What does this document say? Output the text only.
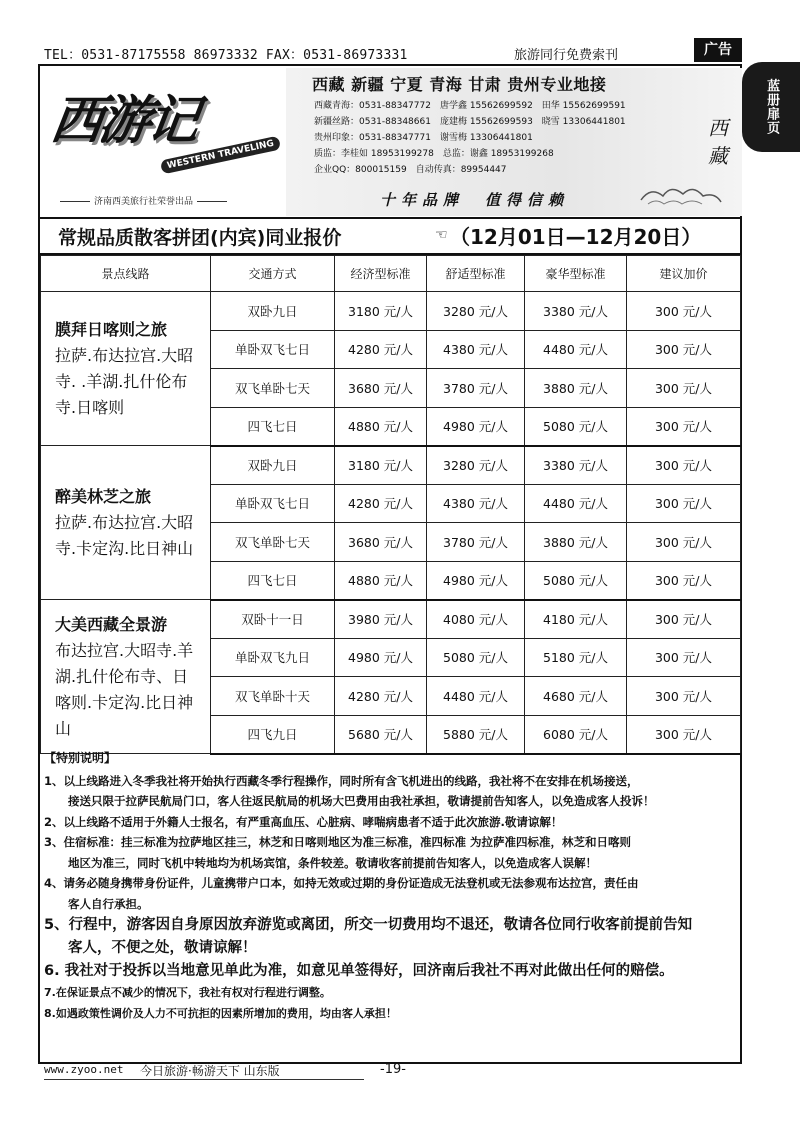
TEL：0531-87175558 86973332 FAX：0531-86973331	旅游同行免费索刊	广告
蓝册扉页
西游记
WESTERN TRAVELING
济南西美旅行社荣誉出品
西藏 新疆 宁夏 青海 甘肃 贵州专业地接
西藏青海：0531-88347772　唐学鑫 15562699592　田华 15562699591
新疆丝路：0531-88348661　庞建梅 15562699593　晓雪 13306441801
贵州印象：0531-88347771　谢雪梅 13306441801
质监：李桂如 18953199278　总监：谢鑫 18953199268
企业QQ：800015159　自动传真：89954447
十年品牌　值得信赖
西藏
常规品质散客拼团(内宾)同业报价	☜ （12月01日—12月20日）
景点线路	交通方式	经济型标准	舒适型标准	豪华型标准	建议加价

膜拜日喀则之旅
拉萨.布达拉宫.大昭寺. .羊湖.扎什伦布寺.日喀则	双卧九日	3180 元/人	3280 元/人	3380 元/人	300 元/人
	单卧双飞七日	4280 元/人	4380 元/人	4480 元/人	300 元/人
	双飞单卧七天	3680 元/人	3780 元/人	3880 元/人	300 元/人
	四飞七日	4880 元/人	4980 元/人	5080 元/人	300 元/人

醉美林芝之旅
拉萨.布达拉宫.大昭寺.卡定沟.比日神山	双卧九日	3180 元/人	3280 元/人	3380 元/人	300 元/人
	单卧双飞七日	4280 元/人	4380 元/人	4480 元/人	300 元/人
	双飞单卧七天	3680 元/人	3780 元/人	3880 元/人	300 元/人
	四飞七日	4880 元/人	4980 元/人	5080 元/人	300 元/人

大美西藏全景游
布达拉宫.大昭寺.羊湖.扎什伦布寺、日喀则.卡定沟.比日神山	双卧十一日	3980 元/人	4080 元/人	4180 元/人	300 元/人
	单卧双飞九日	4980 元/人	5080 元/人	5180 元/人	300 元/人
	双飞单卧十天	4280 元/人	4480 元/人	4680 元/人	300 元/人
	四飞九日	5680 元/人	5880 元/人	6080 元/人	300 元/人
【特别说明】
1、以上线路进入冬季我社将开始执行西藏冬季行程操作，同时所有含飞机进出的线路，我社将不在安排在机场接送，
接送只限于拉萨民航局门口，客人往返民航局的机场大巴费用由我社承担，敬请提前告知客人，以免造成客人投诉！
2、以上线路不适用于外籍人士报名，有严重高血压、心脏病、哮喘病患者不适于此次旅游.敬请谅解！
3、住宿标准：挂三标准为拉萨地区挂三，林芝和日喀则地区为准三标准，准四标准 为拉萨准四标准，林芝和日喀则
地区为准三，同时飞机中转地均为机场宾馆，条件较差。敬请收客前提前告知客人，以免造成客人误解！
4、请务必随身携带身份证件，儿童携带户口本，如持无效或过期的身份证造成无法登机或无法参观布达拉宫，责任由
客人自行承担。
5、行程中，游客因自身原因放弃游览或离团，所交一切费用均不退还，敬请各位同行收客前提前告知
客人，不便之处，敬请谅解！
6. 我社对于投拆以当地意见单此为准，如意见单签得好，回济南后我社不再对此做出任何的赔偿。
7.在保证景点不减少的情况下，我社有权对行程进行调整。
8.如遇政策性调价及人力不可抗拒的因素所增加的费用，均由客人承担！
www.zyoo.net 今日旅游·畅游天下 山东版	-19-
